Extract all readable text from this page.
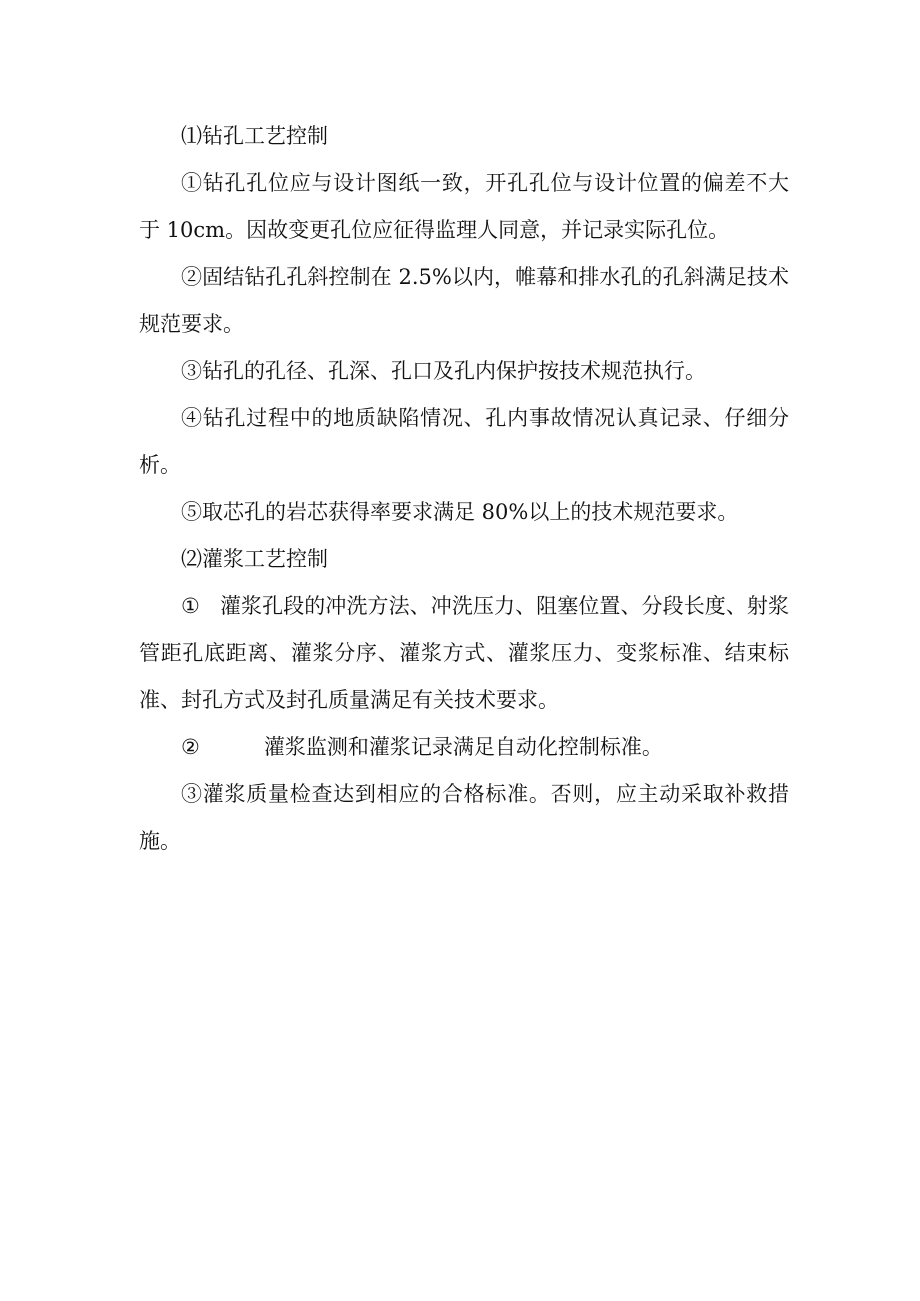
⑴钻孔工艺控制

①钻孔孔位应与设计图纸一致，开孔孔位与设计位置的偏差不大于 10cm。因故变更孔位应征得监理人同意，并记录实际孔位。

②固结钻孔孔斜控制在 2.5%以内，帷幕和排水孔的孔斜满足技术规范要求。

③钻孔的孔径、孔深、孔口及孔内保护按技术规范执行。

④钻孔过程中的地质缺陷情况、孔内事故情况认真记录、仔细分析。

⑤取芯孔的岩芯获得率要求满足 80%以上的技术规范要求。

⑵灌浆工艺控制

① 灌浆孔段的冲洗方法、冲洗压力、阻塞位置、分段长度、射浆管距孔底距离、灌浆分序、灌浆方式、灌浆压力、变浆标准、结束标准、封孔方式及封孔质量满足有关技术要求。

②	灌浆监测和灌浆记录满足自动化控制标准。

③灌浆质量检查达到相应的合格标准。否则，应主动采取补救措施。
